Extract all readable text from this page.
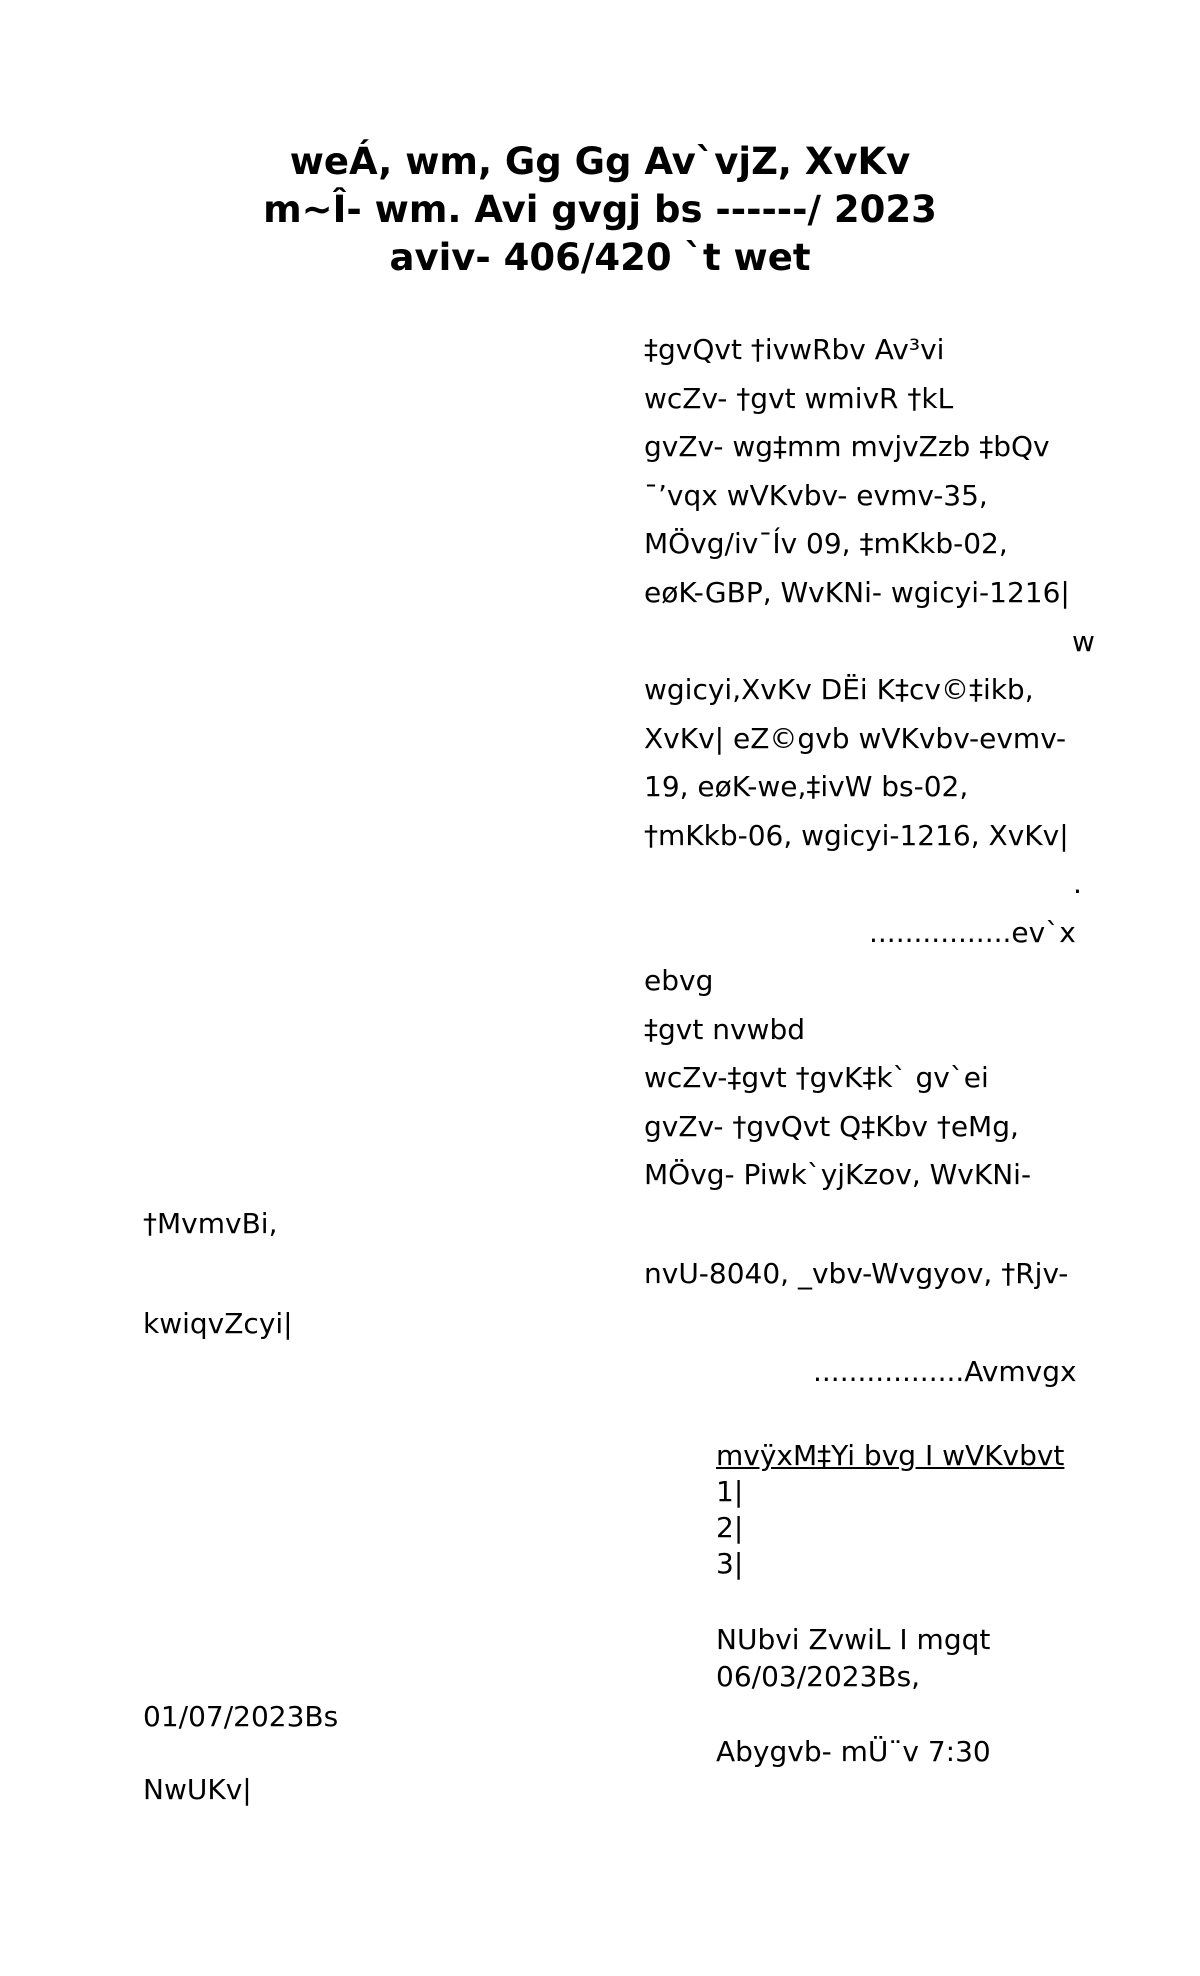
weÁ, wm, Gg Gg Av`vjZ, XvKv
m~Î- wm. Avi gvgj bs ------/ 2023
aviv- 406/420 `t wet
‡gvQvt †ivwRbv Av³vi
wcZv- †gvt wmivR †kL
gvZv- wg‡mm mvjvZzb ‡bQv
¯’vqx wVKvbv- evmv-35,
MÖvg/iv¯Ív 09, ‡mKkb-02,
eøK-GBP, WvKNi- wgicyi-1216|
w
wgicyi,XvKv DËi K‡cv©‡ikb,
XvKv| eZ©gvb wVKvbv-evmv-
19, eøK-we,‡ivW bs-02,
†mKkb-06, wgicyi-1216, XvKv|
.
................ev`x
ebvg
‡gvt nvwbd
wcZv-‡gvt †gvK‡k` gv`ei
gvZv- †gvQvt Q‡Kbv †eMg,
MÖvg- Piwk`yjKzov, WvKNi-
†MvmvBi,
nvU-8040, _vbv-Wvgyov, †Rjv-
kwiqvZcyi|
.................Avmvgx
mvÿxM‡Yi bvg I wVKvbvt
1|
2|
3|
NUbvi ZvwiL I mgqt
06/03/2023Bs,
Abygvb- mÜ¨v 7:30
01/07/2023Bs
NwUKv|
